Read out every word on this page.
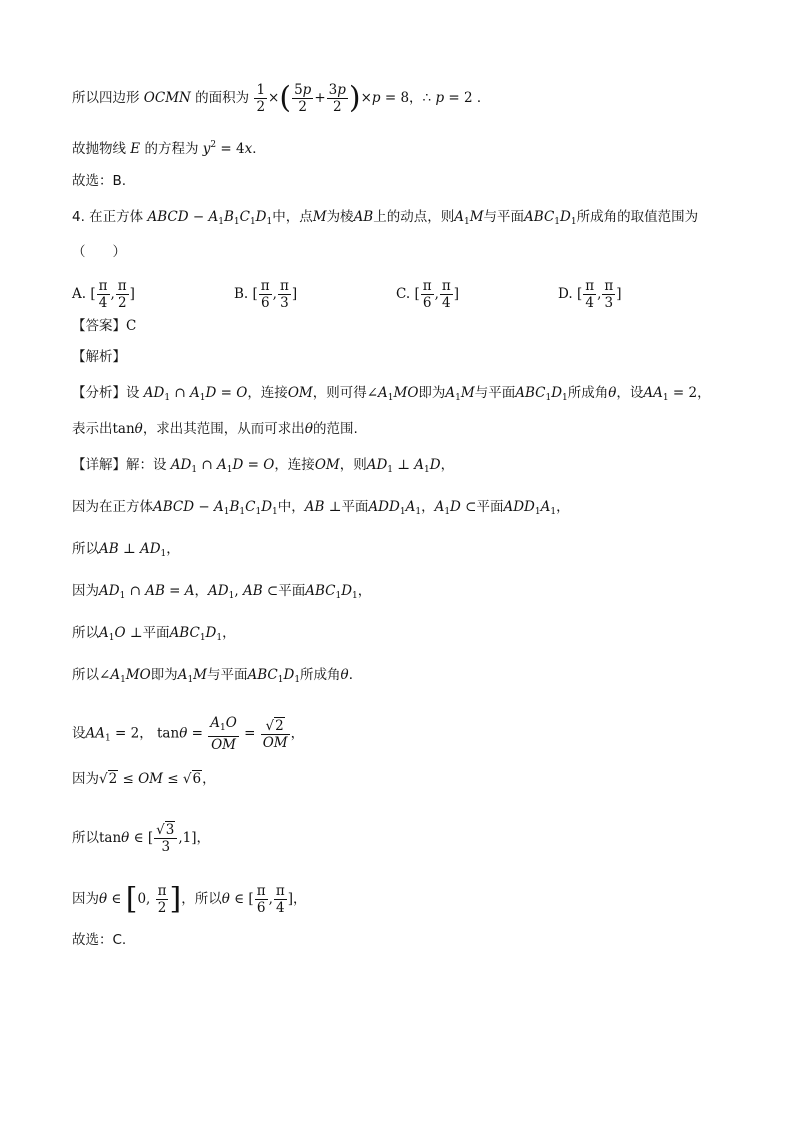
所以四边形 OCMN 的面积为 $\frac{1}{2}$ ×( $\frac{5p}{2} + \frac{3p}{2} )\times p = 8$，∴ p = 2 ．
故抛物线 E 的方程为 $y^2 = 4x$．
故选：B.
4. 在正方体 ABCD − $A_1B_1C_1D_1$中，点M为棱AB上的动点，则$A_1M$与平面$ABC_1D_1$所成角的取值范围为
（　　）
A. [ $\frac{\pi}{4}$ , $\frac{\pi}{2}$ ]	B. [ $\frac{\pi}{6}$ , $\frac{\pi}{3}$ ]	C. [ $\frac{\pi}{6}$ , $\frac{\pi}{4}$ ]	D. [ $\frac{\pi}{4}$ , $\frac{\pi}{3}$ ]
【答案】C
【解析】
【分析】设 $AD_1$ ∩ $A_1D = O$，连接OM，则可得$\angle A_1MO$即为$A_1M$与平面$ABC_1D_1$所成角θ，设$AA_1 = 2$，
表示出tanθ，求出其范围，从而可求出θ的范围.
【详解】解：设 $AD_1$ ∩ $A_1D = O$，连接OM，则$AD_1$ ⊥ $A_1D$，
因为在正方体ABCD − $A_1B_1C_1D_1$中，AB ⊥平面$ADD_1A_1$，$A_1D$ ⊂平面$ADD_1A_1$，
所以AB ⊥ $AD_1$，
因为$AD_1$ ∩ AB = A，$AD_1$, AB ⊂平面$ABC_1D_1$，
所以$A_1O$ ⊥平面$ABC_1D_1$，
所以$\angle A_1MO$即为$A_1M$与平面$ABC_1D_1$所成角θ．
设$AA_1 = 2$， $\tan\theta = \frac{A_1O}{OM} = \frac{√2}{OM}$ ，
因为√2 ≤ OM ≤ √6，
所以tanθ ∈ [ $\frac{√3}{3} ,1$]，
因为θ ∈ [0, $\frac{\pi}{2}$ ]，所以θ ∈ [ $\frac{\pi}{6}$ , $\frac{\pi}{4}$ ]，
故选：C.
